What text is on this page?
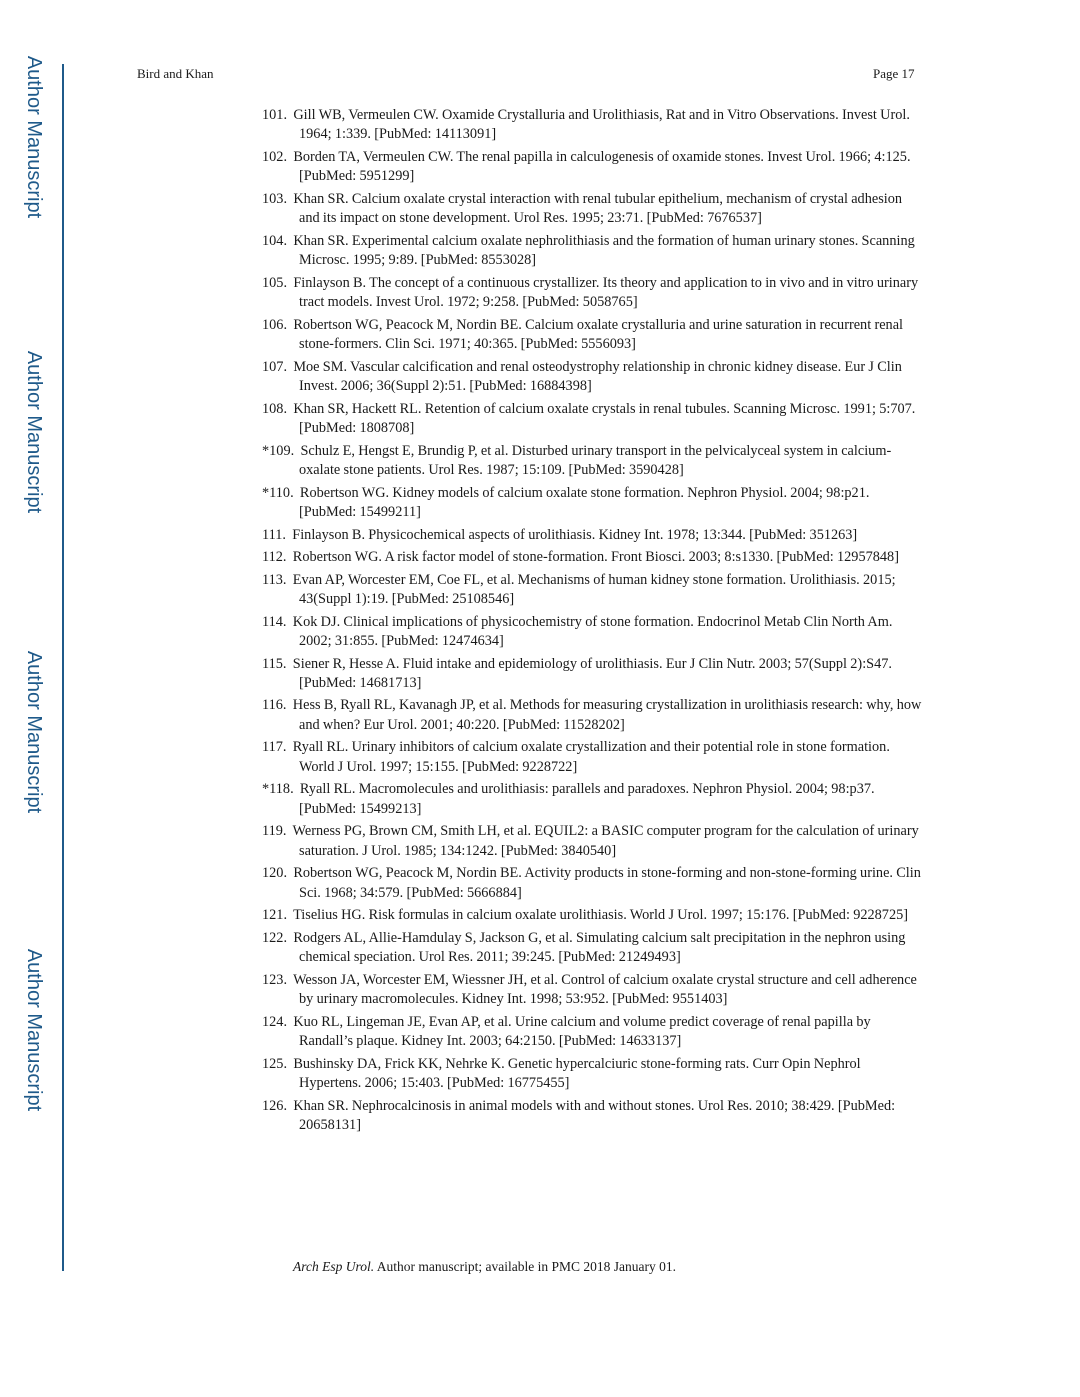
Author Manuscript
Author Manuscript
Author Manuscript
Author Manuscript
Bird and Khan	Page 17
101. Gill WB, Vermeulen CW. Oxamide Crystalluria and Urolithiasis, Rat and in Vitro Observations. Invest Urol. 1964; 1:339. [PubMed: 14113091]
102. Borden TA, Vermeulen CW. The renal papilla in calculogenesis of oxamide stones. Invest Urol. 1966; 4:125. [PubMed: 5951299]
103. Khan SR. Calcium oxalate crystal interaction with renal tubular epithelium, mechanism of crystal adhesion and its impact on stone development. Urol Res. 1995; 23:71. [PubMed: 7676537]
104. Khan SR. Experimental calcium oxalate nephrolithiasis and the formation of human urinary stones. Scanning Microsc. 1995; 9:89. [PubMed: 8553028]
105. Finlayson B. The concept of a continuous crystallizer. Its theory and application to in vivo and in vitro urinary tract models. Invest Urol. 1972; 9:258. [PubMed: 5058765]
106. Robertson WG, Peacock M, Nordin BE. Calcium oxalate crystalluria and urine saturation in recurrent renal stone-formers. Clin Sci. 1971; 40:365. [PubMed: 5556093]
107. Moe SM. Vascular calcification and renal osteodystrophy relationship in chronic kidney disease. Eur J Clin Invest. 2006; 36(Suppl 2):51. [PubMed: 16884398]
108. Khan SR, Hackett RL. Retention of calcium oxalate crystals in renal tubules. Scanning Microsc. 1991; 5:707. [PubMed: 1808708]
*109. Schulz E, Hengst E, Brundig P, et al. Disturbed urinary transport in the pelvicalyceal system in calcium-oxalate stone patients. Urol Res. 1987; 15:109. [PubMed: 3590428]
*110. Robertson WG. Kidney models of calcium oxalate stone formation. Nephron Physiol. 2004; 98:p21. [PubMed: 15499211]
111. Finlayson B. Physicochemical aspects of urolithiasis. Kidney Int. 1978; 13:344. [PubMed: 351263]
112. Robertson WG. A risk factor model of stone-formation. Front Biosci. 2003; 8:s1330. [PubMed: 12957848]
113. Evan AP, Worcester EM, Coe FL, et al. Mechanisms of human kidney stone formation. Urolithiasis. 2015; 43(Suppl 1):19. [PubMed: 25108546]
114. Kok DJ. Clinical implications of physicochemistry of stone formation. Endocrinol Metab Clin North Am. 2002; 31:855. [PubMed: 12474634]
115. Siener R, Hesse A. Fluid intake and epidemiology of urolithiasis. Eur J Clin Nutr. 2003; 57(Suppl 2):S47. [PubMed: 14681713]
116. Hess B, Ryall RL, Kavanagh JP, et al. Methods for measuring crystallization in urolithiasis research: why, how and when? Eur Urol. 2001; 40:220. [PubMed: 11528202]
117. Ryall RL. Urinary inhibitors of calcium oxalate crystallization and their potential role in stone formation. World J Urol. 1997; 15:155. [PubMed: 9228722]
*118. Ryall RL. Macromolecules and urolithiasis: parallels and paradoxes. Nephron Physiol. 2004; 98:p37. [PubMed: 15499213]
119. Werness PG, Brown CM, Smith LH, et al. EQUIL2: a BASIC computer program for the calculation of urinary saturation. J Urol. 1985; 134:1242. [PubMed: 3840540]
120. Robertson WG, Peacock M, Nordin BE. Activity products in stone-forming and non-stone-forming urine. Clin Sci. 1968; 34:579. [PubMed: 5666884]
121. Tiselius HG. Risk formulas in calcium oxalate urolithiasis. World J Urol. 1997; 15:176. [PubMed: 9228725]
122. Rodgers AL, Allie-Hamdulay S, Jackson G, et al. Simulating calcium salt precipitation in the nephron using chemical speciation. Urol Res. 2011; 39:245. [PubMed: 21249493]
123. Wesson JA, Worcester EM, Wiessner JH, et al. Control of calcium oxalate crystal structure and cell adherence by urinary macromolecules. Kidney Int. 1998; 53:952. [PubMed: 9551403]
124. Kuo RL, Lingeman JE, Evan AP, et al. Urine calcium and volume predict coverage of renal papilla by Randall’s plaque. Kidney Int. 2003; 64:2150. [PubMed: 14633137]
125. Bushinsky DA, Frick KK, Nehrke K. Genetic hypercalciuric stone-forming rats. Curr Opin Nephrol Hypertens. 2006; 15:403. [PubMed: 16775455]
126. Khan SR. Nephrocalcinosis in animal models with and without stones. Urol Res. 2010; 38:429. [PubMed: 20658131]
Arch Esp Urol. Author manuscript; available in PMC 2018 January 01.
